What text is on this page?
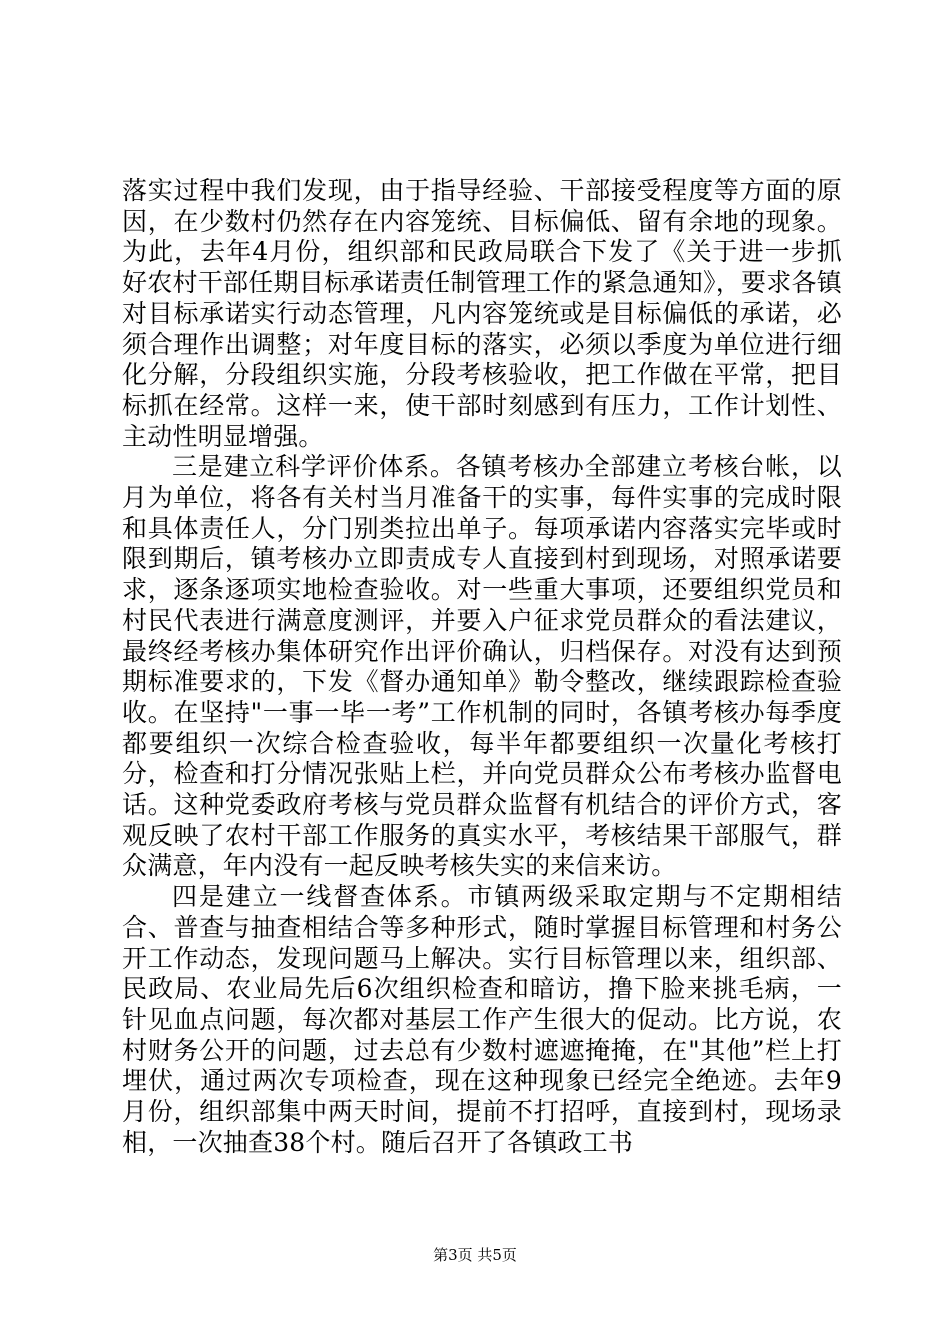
落实过程中我们发现，由于指导经验、干部接受程度等方面的原因，在少数村仍然存在内容笼统、目标偏低、留有余地的现象。为此，去年4月份，组织部和民政局联合下发了《关于进一步抓好农村干部任期目标承诺责任制管理工作的紧急通知》，要求各镇对目标承诺实行动态管理，凡内容笼统或是目标偏低的承诺，必须合理作出调整；对年度目标的落实，必须以季度为单位进行细化分解，分段组织实施，分段考核验收，把工作做在平常，把目标抓在经常。这样一来，使干部时刻感到有压力，工作计划性、主动性明显增强。

三是建立科学评价体系。各镇考核办全部建立考核台帐，以月为单位，将各有关村当月准备干的实事，每件实事的完成时限和具体责任人，分门别类拉出单子。每项承诺内容落实完毕或时限到期后，镇考核办立即责成专人直接到村到现场，对照承诺要求，逐条逐项实地检查验收。对一些重大事项，还要组织党员和村民代表进行满意度测评，并要入户征求党员群众的看法建议，最终经考核办集体研究作出评价确认，归档保存。对没有达到预期标准要求的，下发《督办通知单》勒令整改，继续跟踪检查验收。在坚持"一事一毕一考”工作机制的同时，各镇考核办每季度都要组织一次综合检查验收，每半年都要组织一次量化考核打分，检查和打分情况张贴上栏，并向党员群众公布考核办监督电话。这种党委政府考核与党员群众监督有机结合的评价方式，客观反映了农村干部工作服务的真实水平，考核结果干部服气，群众满意，年内没有一起反映考核失实的来信来访。

四是建立一线督查体系。市镇两级采取定期与不定期相结合、普查与抽查相结合等多种形式，随时掌握目标管理和村务公开工作动态，发现问题马上解决。实行目标管理以来，组织部、民政局、农业局先后6次组织检查和暗访，撸下脸来挑毛病，一针见血点问题，每次都对基层工作产生很大的促动。比方说，农村财务公开的问题，过去总有少数村遮遮掩掩，在"其他”栏上打埋伏，通过两次专项检查，现在这种现象已经完全绝迹。去年9月份，组织部集中两天时间，提前不打招呼，直接到村，现场录相，一次抽查38个村。随后召开了各镇政工书

第3页 共5页
